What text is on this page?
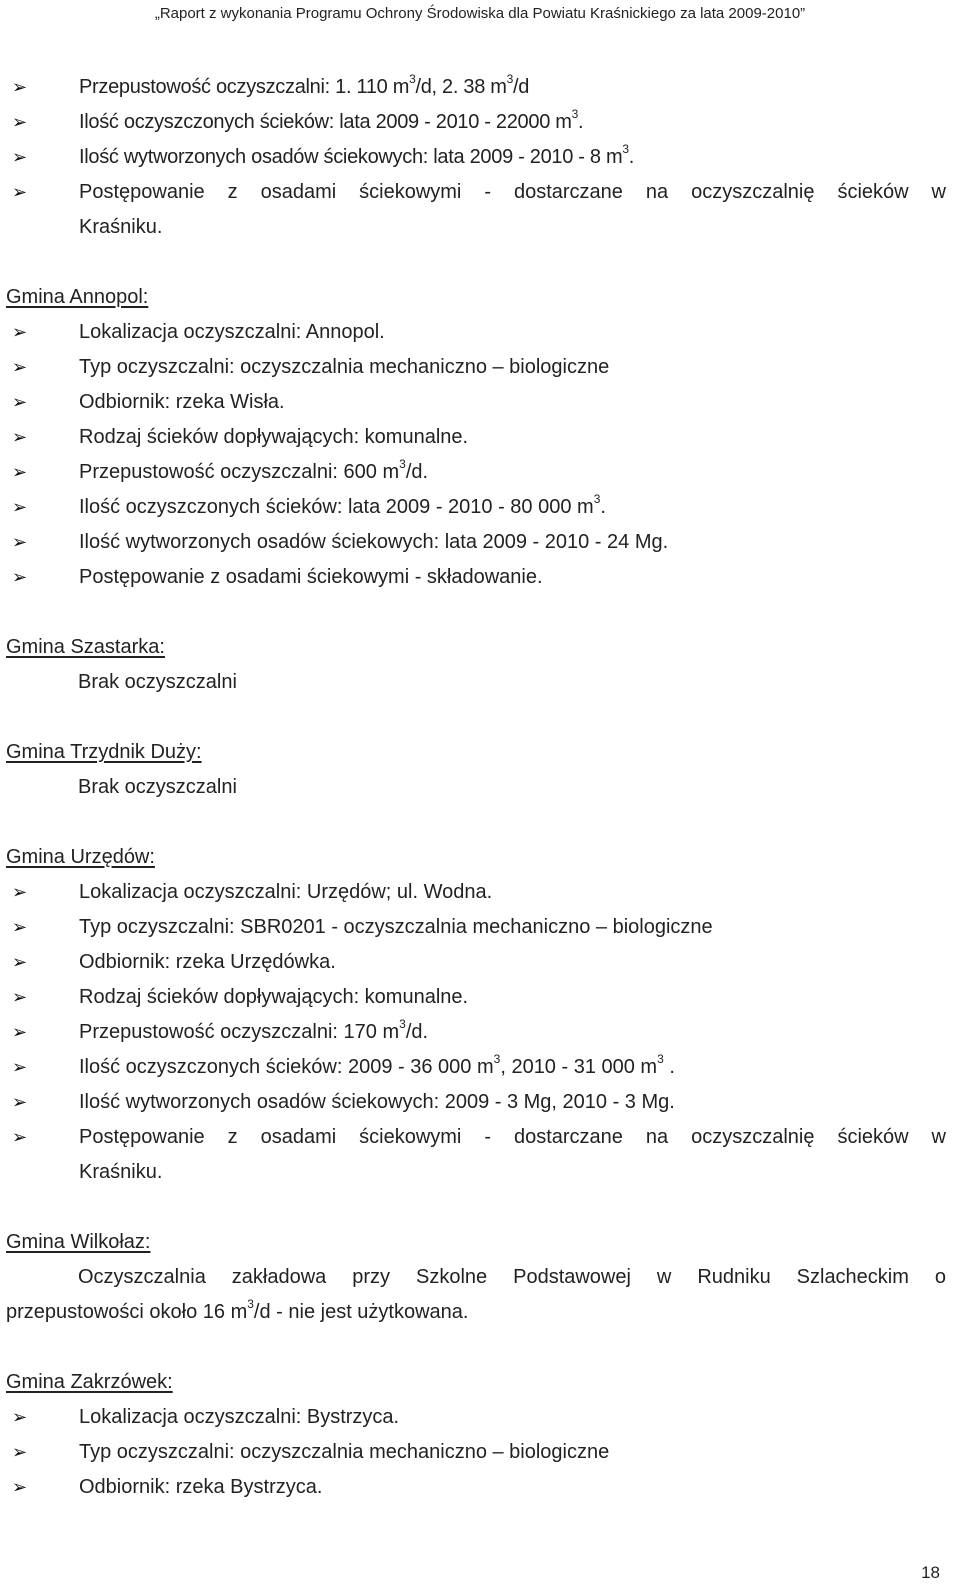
„Raport z wykonania Programu Ochrony Środowiska dla Powiatu Kraśnickiego za lata 2009-2010”
➢	Przepustowość oczyszczalni: 1. 110 $m^3/d$, 2. 38 $m^3/d$
➢	Ilość oczyszczonych ścieków: lata 2009 - 2010 - 22000 $m^3$.
➢	Ilość wytworzonych osadów ściekowych: lata 2009 - 2010 - 8 $m^3$.
➢	Postępowanie z osadami ściekowymi - dostarczane na oczyszczalnię ścieków w
Kraśniku.
Gmina Annopol:
➢	Lokalizacja oczyszczalni: Annopol.
➢	Typ oczyszczalni: oczyszczalnia mechaniczno – biologiczne
➢	Odbiornik: rzeka Wisła.
➢	Rodzaj ścieków dopływających: komunalne.
➢	Przepustowość oczyszczalni: 600 $m^3/d$.
➢	Ilość oczyszczonych ścieków: lata 2009 - 2010 - 80 000 $m^3$.
➢	Ilość wytworzonych osadów ściekowych: lata 2009 - 2010 - 24 Mg.
➢	Postępowanie z osadami ściekowymi - składowanie.
Gmina Szastarka:
Brak oczyszczalni
Gmina Trzydnik Duży:
Brak oczyszczalni
Gmina Urzędów:
➢	Lokalizacja oczyszczalni: Urzędów; ul. Wodna.
➢	Typ oczyszczalni: SBR0201 - oczyszczalnia mechaniczno – biologiczne
➢	Odbiornik: rzeka Urzędówka.
➢	Rodzaj ścieków dopływających: komunalne.
➢	Przepustowość oczyszczalni: 170 $m^3/d$.
➢	Ilość oczyszczonych ścieków: 2009 - 36 000 $m^3$, 2010 - 31 000 $m^3$ .
➢	Ilość wytworzonych osadów ściekowych: 2009 - 3 Mg, 2010 - 3 Mg.
➢	Postępowanie z osadami ściekowymi - dostarczane na oczyszczalnię ścieków w
Kraśniku.
Gmina Wilkołaz:
Oczyszczalnia zakładowa przy Szkolne Podstawowej w Rudniku Szlacheckim o
przepustowości około 16 $m^3/d$ - nie jest użytkowana.
Gmina Zakrzówek:
➢	Lokalizacja oczyszczalni: Bystrzyca.
➢	Typ oczyszczalni: oczyszczalnia mechaniczno – biologiczne
➢	Odbiornik: rzeka Bystrzyca.
18
